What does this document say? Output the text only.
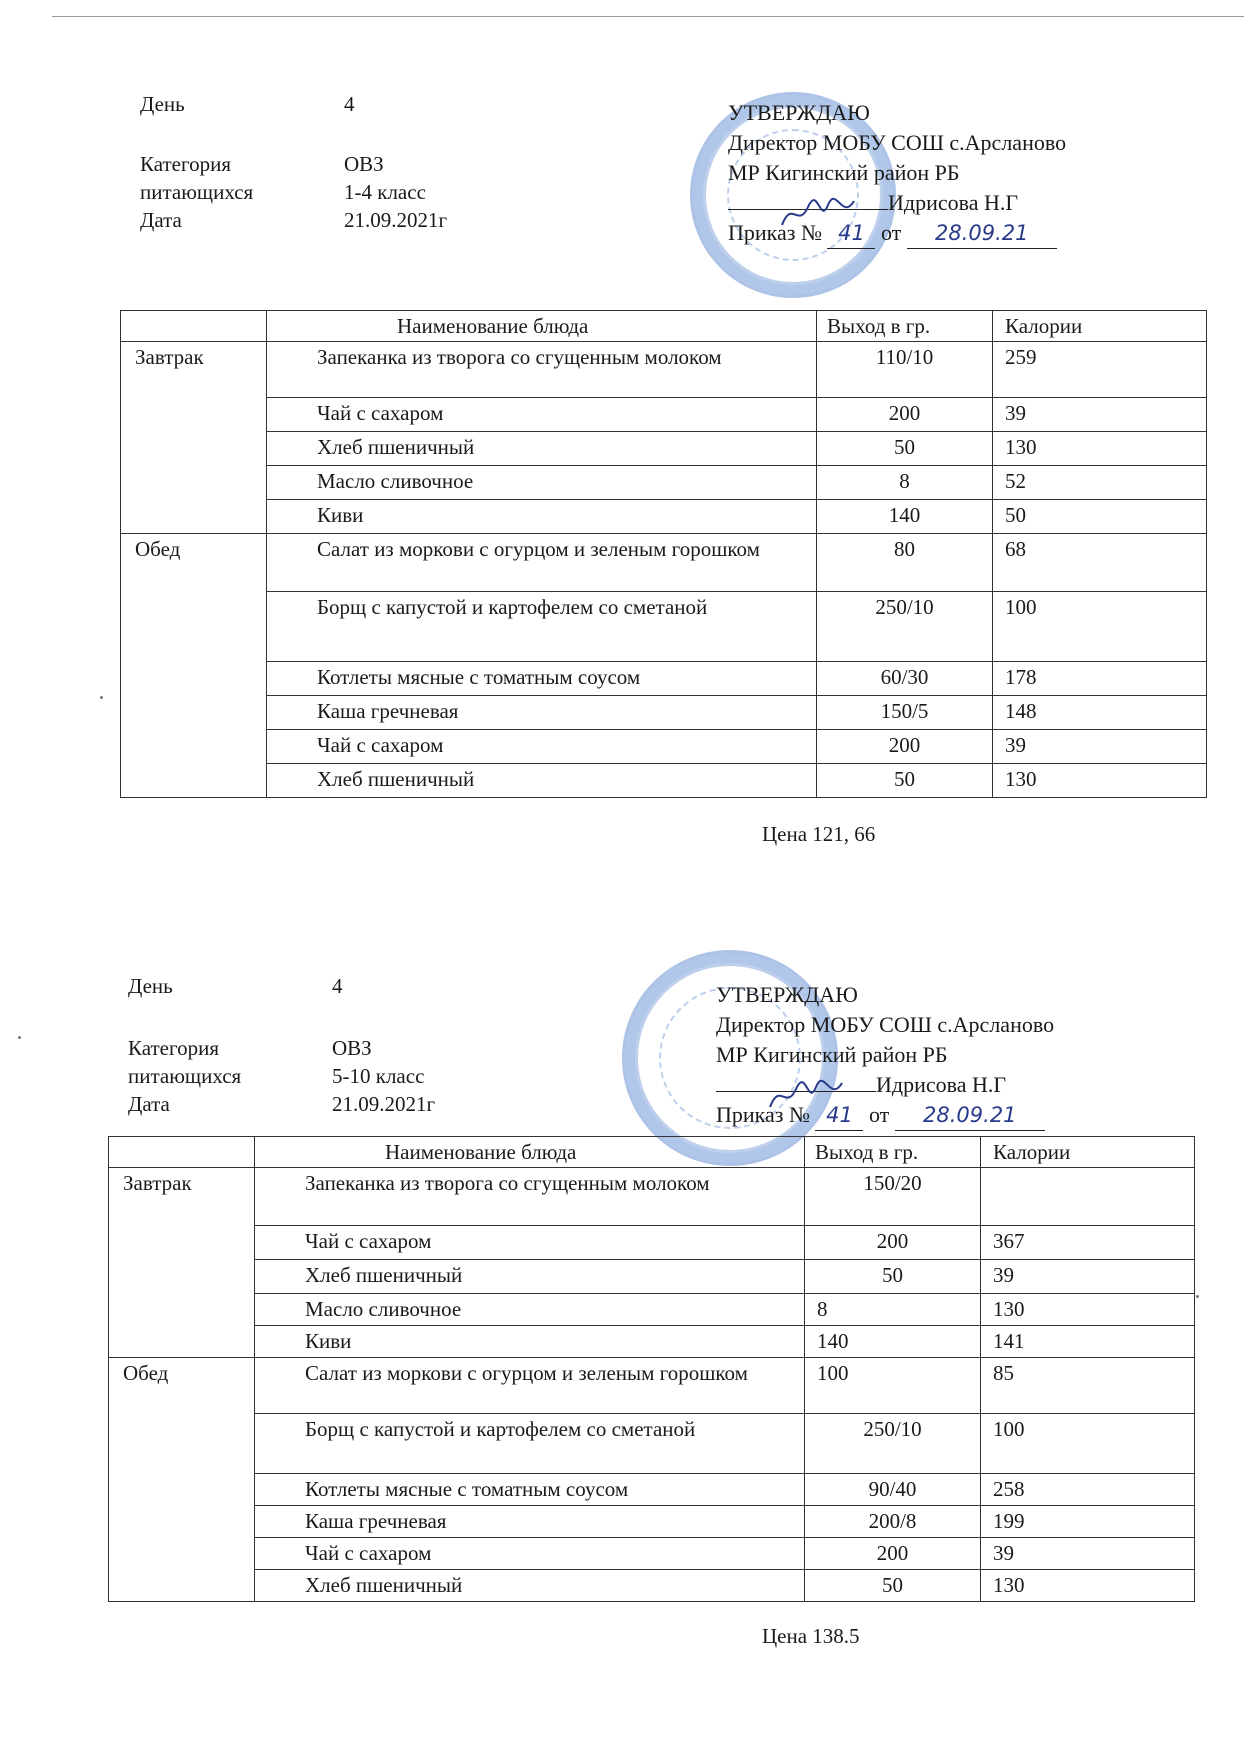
День	4
Категория	ОВЗ
питающихся	1-4 класс
Дата	21.09.2021г
УТВЕРЖДАЮ
Директор МОБУ СОШ с.Арсланово
МР Кигинский район РБ
Идрисова Н.Г
Приказ № 41 от 28.09.21
	Наименование блюда	Выход в гр.	Калории
Завтрак	Запеканка из творога со сгущенным молоком	110/10	259
	Чай с сахаром	200	39
	Хлеб пшеничный	50	130
	Масло сливочное	8	52
	Киви	140	50
Обед	Салат из моркови с огурцом и зеленым горошком	80	68
	Борщ с капустой и картофелем со сметаной	250/10	100
	Котлеты мясные с томатным соусом	60/30	178
	Каша гречневая	150/5	148
	Чай с сахаром	200	39
	Хлеб пшеничный	50	130
Цена 121, 66
День	4
Категория	ОВЗ
питающихся	5-10 класс
Дата	21.09.2021г
УТВЕРЖДАЮ
Директор МОБУ СОШ с.Арсланово
МР Кигинский район РБ
Идрисова Н.Г
Приказ № 41 от 28.09.21
	Наименование блюда	Выход в гр.	Калории
Завтрак	Запеканка из творога со сгущенным молоком	150/20	
	Чай с сахаром	200	367
	Хлеб пшеничный	50	39
	Масло сливочное	8	130
	Киви	140	141
Обед	Салат из моркови с огурцом и зеленым горошком	100	85
	Борщ с капустой и картофелем со сметаной	250/10	100
	Котлеты мясные с томатным соусом	90/40	258
	Каша гречневая	200/8	199
	Чай с сахаром	200	39
	Хлеб пшеничный	50	130
Цена 138.5
